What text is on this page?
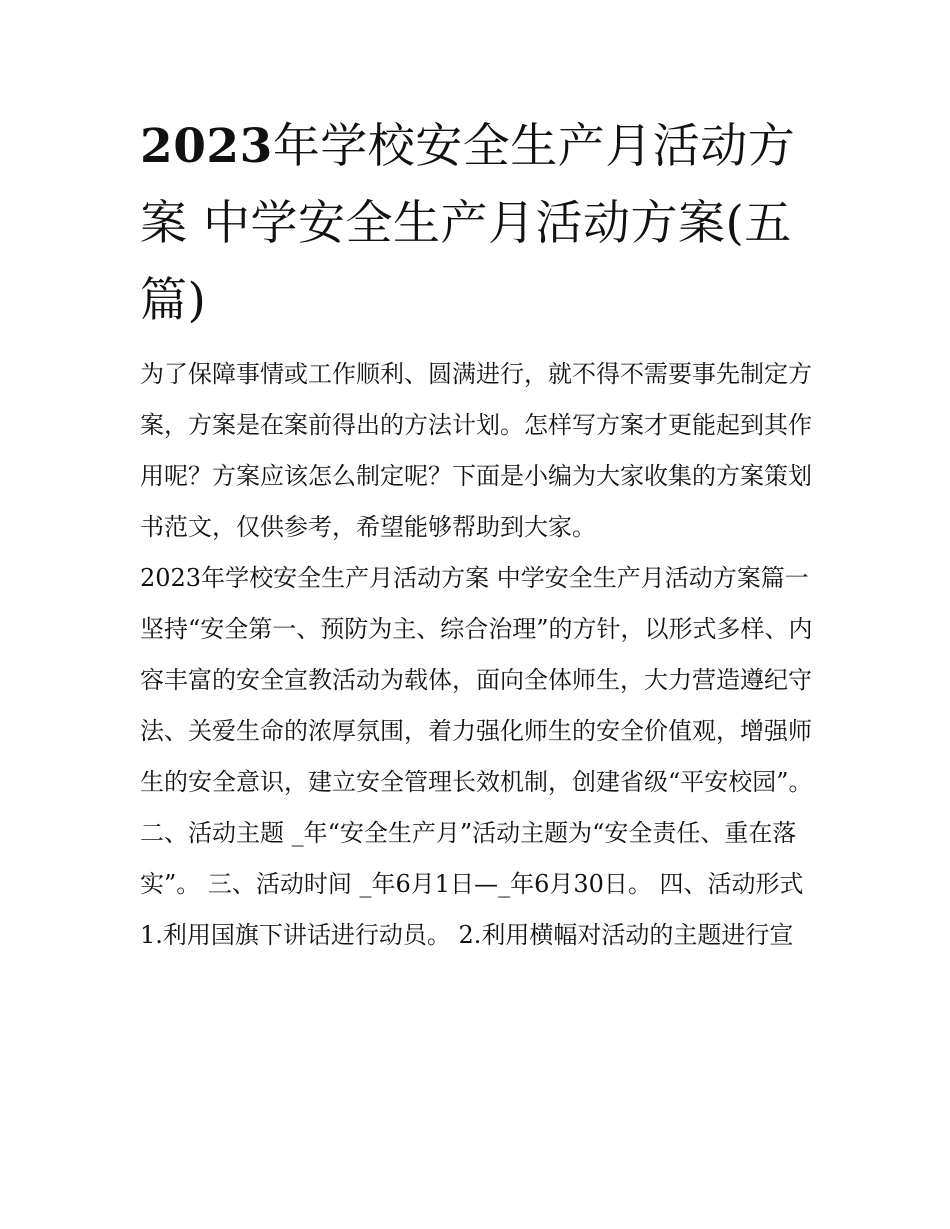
2023年学校安全生产月活动方案 中学安全生产月活动方案(五篇)

为了保障事情或工作顺利、圆满进行，就不得不需要事先制定方案，方案是在案前得出的方法计划。怎样写方案才更能起到其作用呢？方案应该怎么制定呢？下面是小编为大家收集的方案策划书范文，仅供参考，希望能够帮助到大家。

2023年学校安全生产月活动方案 中学安全生产月活动方案篇一

坚持“安全第一、预防为主、综合治理”的方针，以形式多样、内容丰富的安全宣教活动为载体，面向全体师生，大力营造遵纪守法、关爱生命的浓厚氛围，着力强化师生的安全价值观，增强师生的安全意识，建立安全管理长效机制，创建省级“平安校园”。

二、活动主题 _年“安全生产月”活动主题为“安全责任、重在落实”。 三、活动时间 _年6月1日—_年6月30日。 四、活动形式

1.利用国旗下讲话进行动员。 2.利用横幅对活动的主题进行宣
